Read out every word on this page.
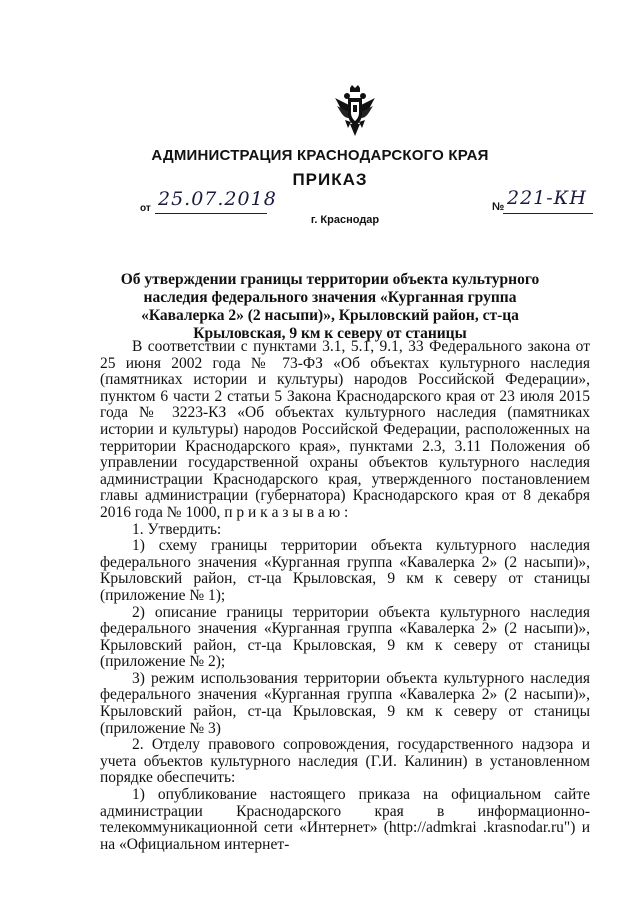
АДМИНИСТРАЦИЯ КРАСНОДАРСКОГО КРАЯ
ПРИКАЗ
от 25.07.2018	№ 221-КН
г. Краснодар
Об утверждении границы территории объекта культурного наследия федерального значения «Курганная группа «Кавалерка 2» (2 насыпи)», Крыловский район, ст-ца Крыловская, 9 км к северу от станицы

В соответствии с пунктами 3.1, 5.1, 9.1, 33 Федерального закона от 25 июня 2002 года № 73-ФЗ «Об объектах культурного наследия (памятниках истории и культуры) народов Российской Федерации», пунктом 6 части 2 статьи 5 Закона Краснодарского края от 23 июля 2015 года № 3223-КЗ «Об объектах культурного наследия (памятниках истории и культуры) народов Российской Федерации, расположенных на территории Краснодарского края», пунктами 2.3, 3.11 Положения об управлении государственной охраны объектов культурного наследия администрации Краснодарского края, утвержденного постановлением главы администрации (губернатора) Краснодарского края от 8 декабря 2016 года № 1000, п р и к а з ы в а ю :

1. Утвердить:

1) схему границы территории объекта культурного наследия федерального значения «Курганная группа «Кавалерка 2» (2 насыпи)», Крыловский район, ст-ца Крыловская, 9 км к северу от станицы (приложение № 1);

2) описание границы территории объекта культурного наследия федерального значения «Курганная группа «Кавалерка 2» (2 насыпи)», Крыловский район, ст-ца Крыловская, 9 км к северу от станицы (приложение № 2);

3) режим использования территории объекта культурного наследия федерального значения «Курганная группа «Кавалерка 2» (2 насыпи)», Крыловский район, ст-ца Крыловская, 9 км к северу от станицы (приложение № 3)

2. Отделу правового сопровождения, государственного надзора и учета объектов культурного наследия (Г.И. Калинин) в установленном порядке обеспечить:

1) опубликование настоящего приказа на официальном сайте администрации Краснодарского края в информационно-телекоммуникационной сети «Интернет» (http://admkrai .krasnodar.ru") и на «Официальном интернет-
